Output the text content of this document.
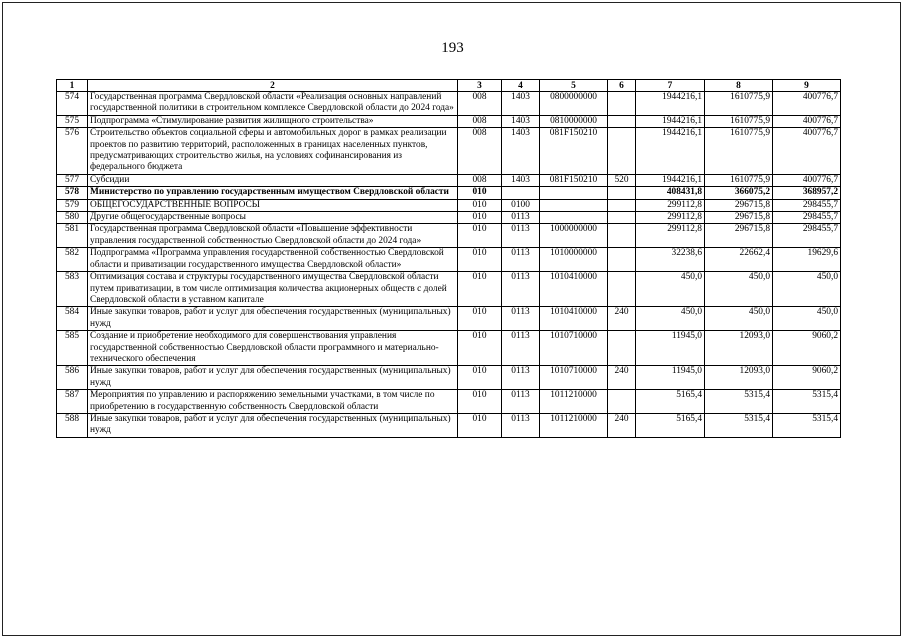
193
1	2	3	4	5	6	7	8	9
574	Государственная программа Свердловской области «Реализация основных направлений государственной политики в строительном комплексе Свердловской области до 2024 года»	008	1403	0800000000		1944216,1	1610775,9	400776,7
575	Подпрограмма «Стимулирование развития жилищного строительства»	008	1403	0810000000		1944216,1	1610775,9	400776,7
576	Строительство объектов социальной сферы и автомобильных дорог в рамках реализации проектов по развитию территорий, расположенных в границах населенных пунктов, предусматривающих строительство жилья, на условиях софинансирования из федерального бюджета	008	1403	081F150210		1944216,1	1610775,9	400776,7
577	Субсидии	008	1403	081F150210	520	1944216,1	1610775,9	400776,7
578	Министерство по управлению государственным имуществом Свердловской области	010				408431,8	366075,2	368957,2
579	ОБЩЕГОСУДАРСТВЕННЫЕ ВОПРОСЫ	010	0100			299112,8	296715,8	298455,7
580	Другие общегосударственные вопросы	010	0113			299112,8	296715,8	298455,7
581	Государственная программа Свердловской области «Повышение эффективности управления государственной собственностью Свердловской области до 2024 года»	010	0113	1000000000		299112,8	296715,8	298455,7
582	Подпрограмма «Программа управления государственной собственностью Свердловской области и приватизации государственного имущества Свердловской области»	010	0113	1010000000		32238,6	22662,4	19629,6
583	Оптимизация состава и структуры государственного имущества Свердловской области путем приватизации, в том числе оптимизация количества акционерных обществ с долей Свердловской области в уставном капитале	010	0113	1010410000		450,0	450,0	450,0
584	Иные закупки товаров, работ и услуг для обеспечения государственных (муниципальных) нужд	010	0113	1010410000	240	450,0	450,0	450,0
585	Создание и приобретение необходимого для совершенствования управления государственной собственностью Свердловской области программного и материально-технического обеспечения	010	0113	1010710000		11945,0	12093,0	9060,2
586	Иные закупки товаров, работ и услуг для обеспечения государственных (муниципальных) нужд	010	0113	1010710000	240	11945,0	12093,0	9060,2
587	Мероприятия по управлению и распоряжению земельными участками, в том числе по приобретению в государственную собственность Свердловской области	010	0113	1011210000		5165,4	5315,4	5315,4
588	Иные закупки товаров, работ и услуг для обеспечения государственных (муниципальных) нужд	010	0113	1011210000	240	5165,4	5315,4	5315,4
